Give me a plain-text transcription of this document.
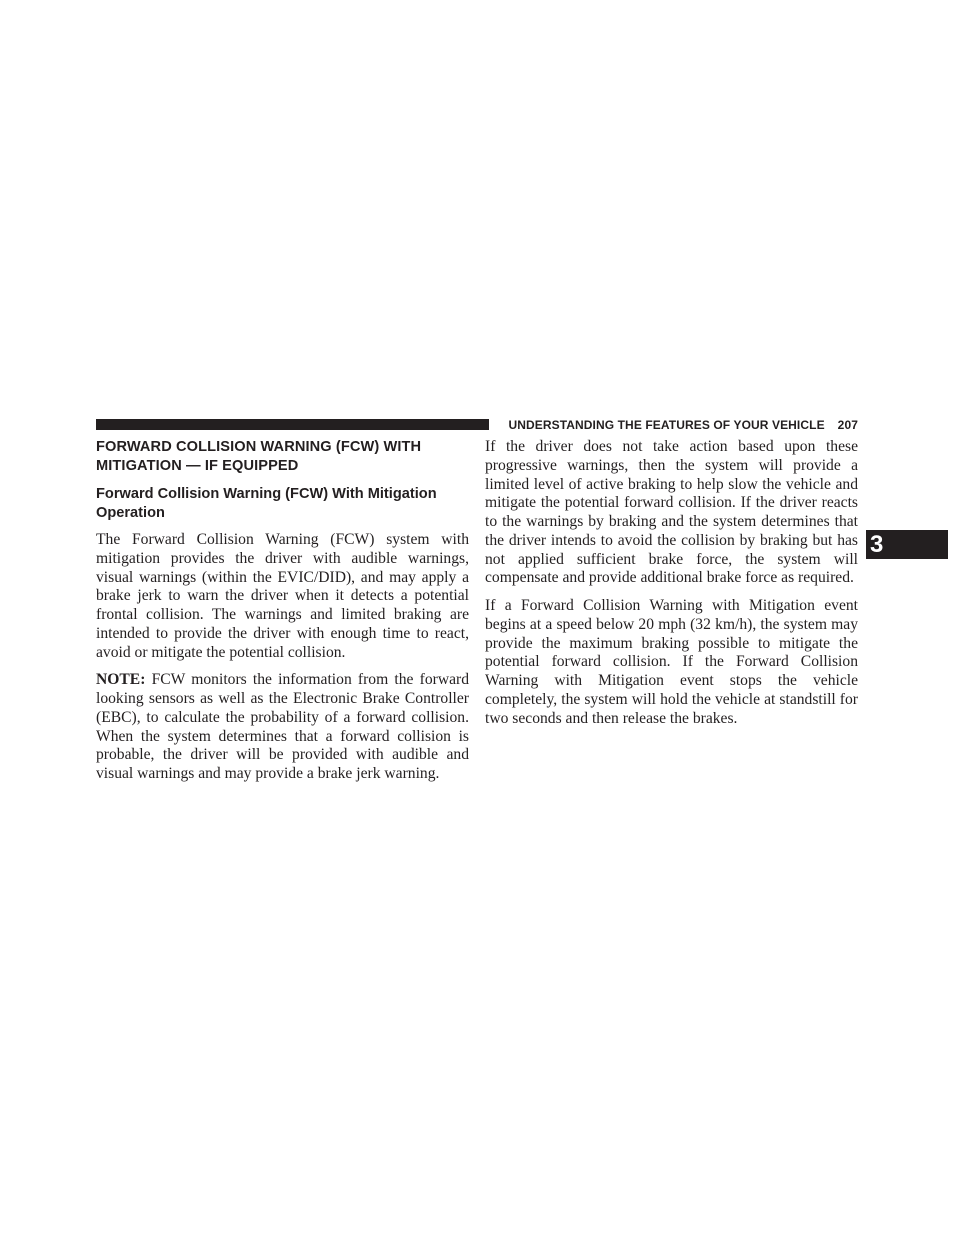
UNDERSTANDING THE FEATURES OF YOUR VEHICLE 207
3
FORWARD COLLISION WARNING (FCW) WITH
MITIGATION — IF EQUIPPED
Forward Collision Warning (FCW) With Mitigation
Operation

The Forward Collision Warning (FCW) system with mitigation provides the driver with audible warnings, visual warnings (within the EVIC/DID), and may apply a brake jerk to warn the driver when it detects a potential frontal collision. The warnings and limited braking are intended to provide the driver with enough time to react, avoid or mitigate the potential collision.

NOTE: FCW monitors the information from the forward looking sensors as well as the Electronic Brake Controller (EBC), to calculate the probability of a forward collision. When the system determines that a forward collision is probable, the driver will be provided with audible and visual warnings and may provide a brake jerk warning.

If the driver does not take action based upon these progressive warnings, then the system will provide a limited level of active braking to help slow the vehicle and mitigate the potential forward collision. If the driver reacts to the warnings by braking and the system determines that the driver intends to avoid the collision by braking but has not applied sufficient brake force, the system will compensate and provide additional brake force as required.

If a Forward Collision Warning with Mitigation event begins at a speed below 20 mph (32 km/h), the system may provide the maximum braking possible to mitigate the potential forward collision. If the Forward Collision Warning with Mitigation event stops the vehicle completely, the system will hold the vehicle at standstill for two seconds and then release the brakes.
